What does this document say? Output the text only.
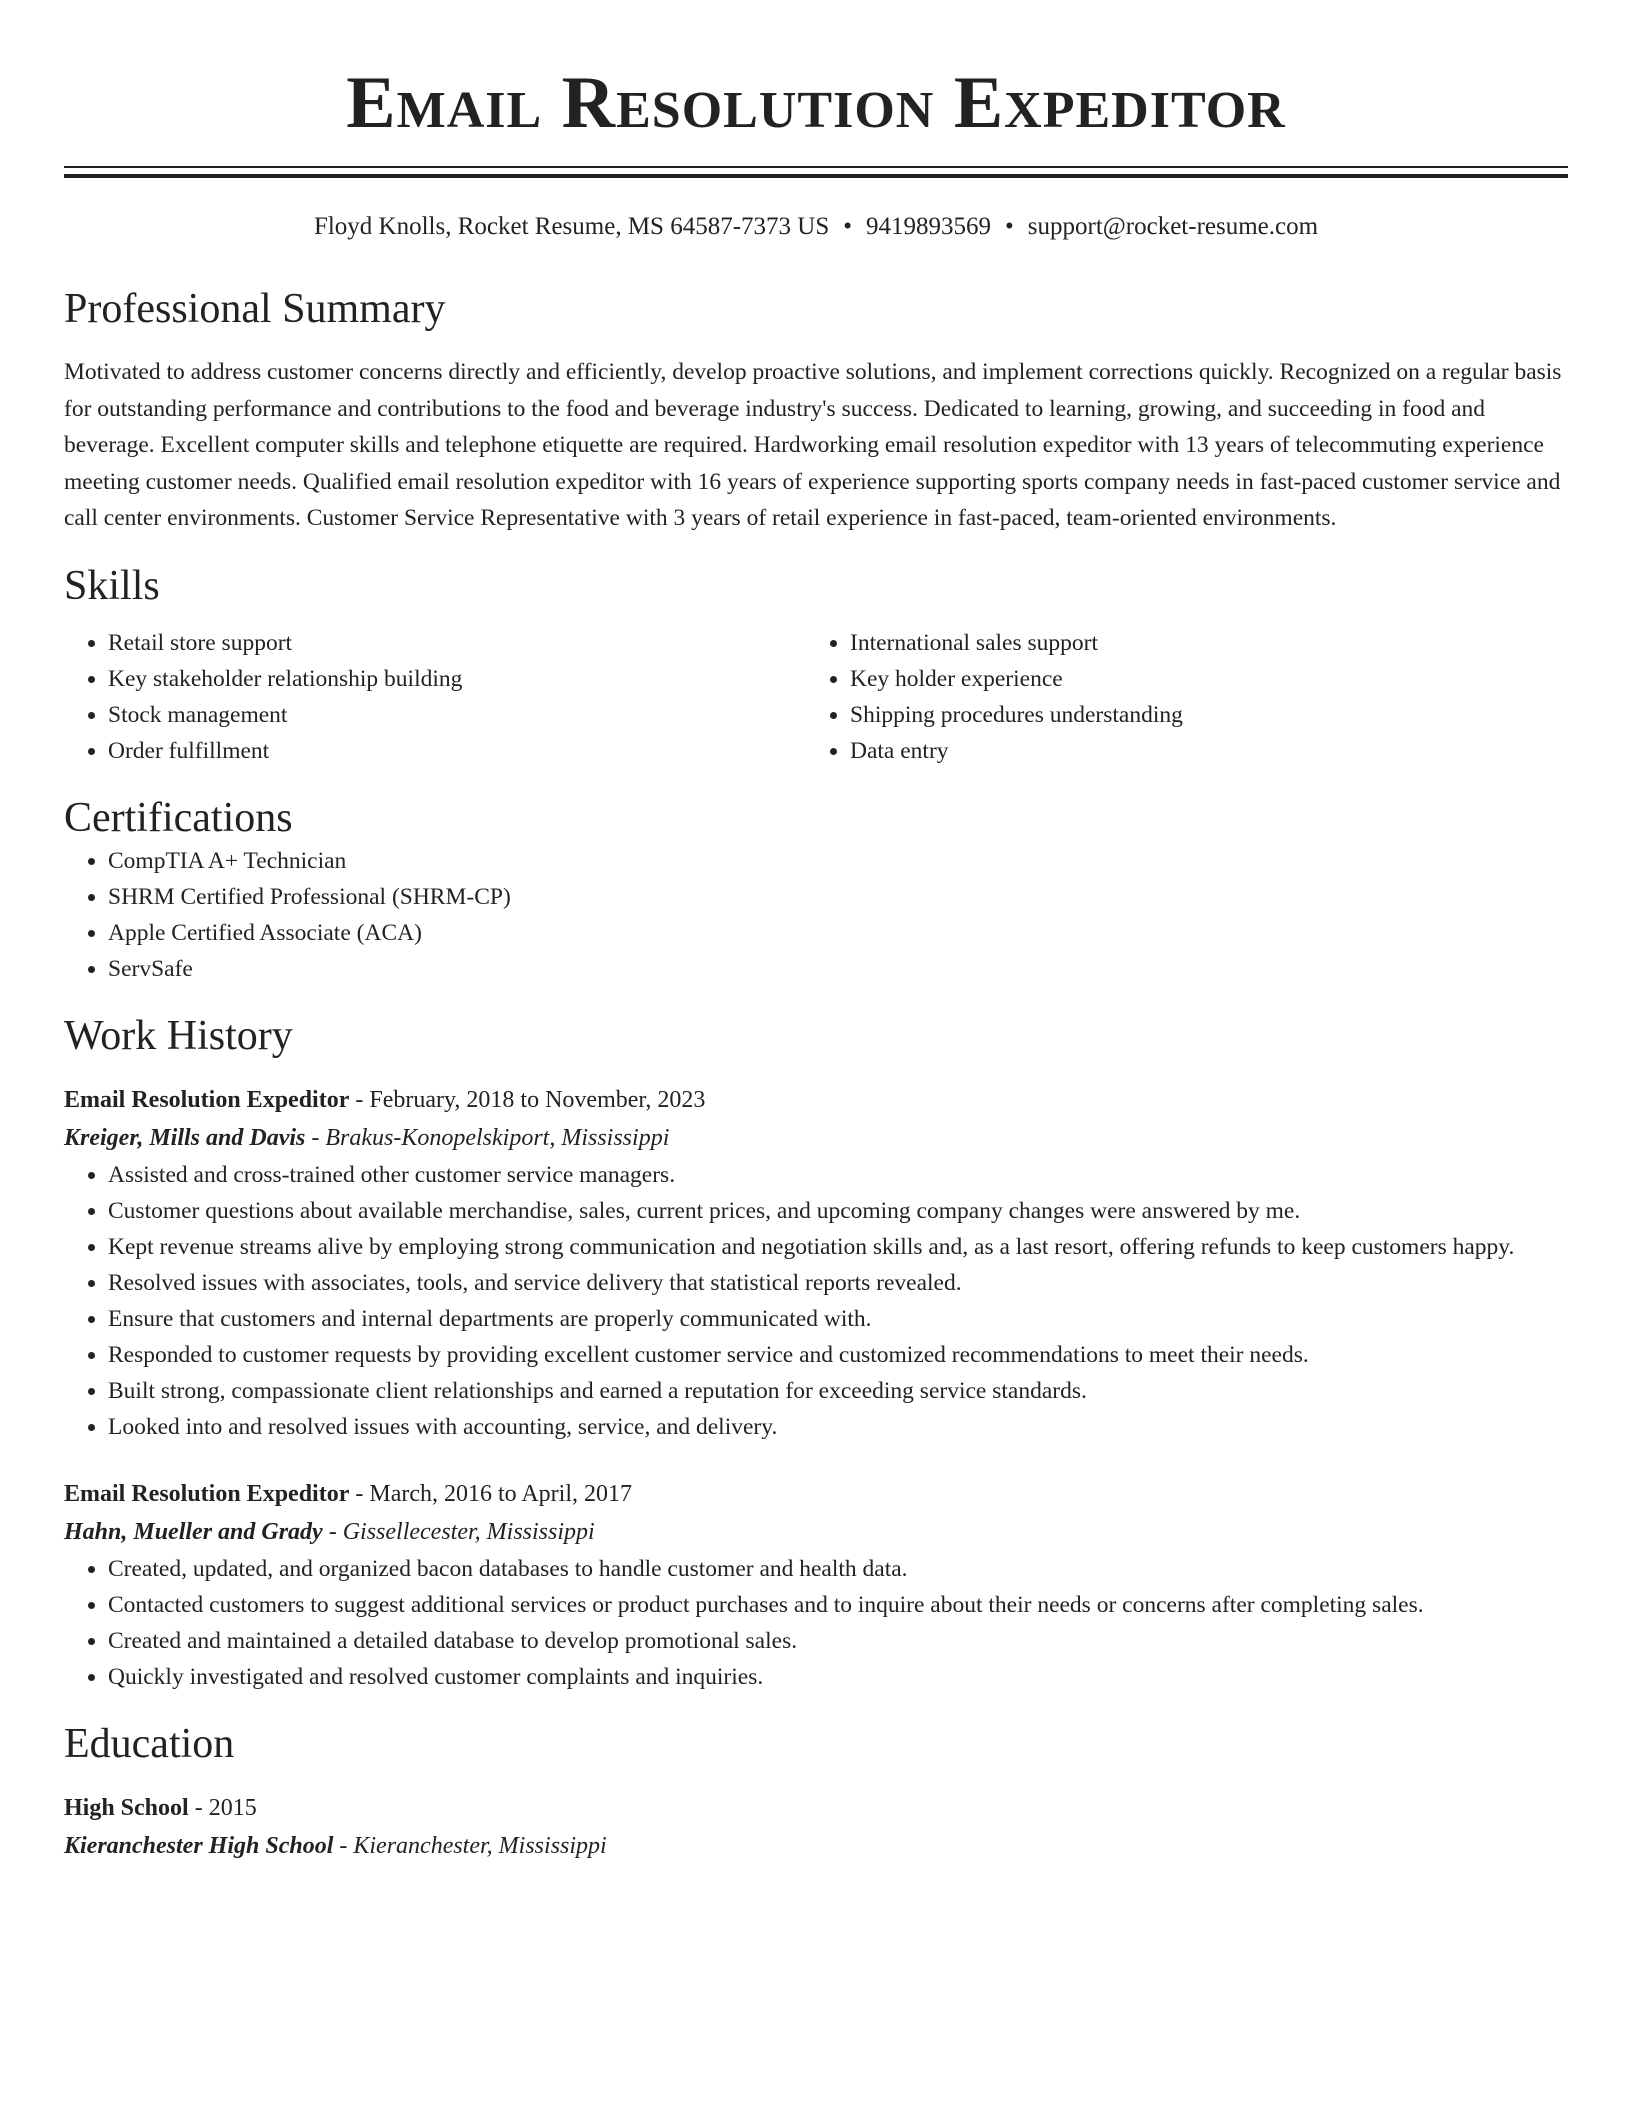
Email Resolution Expeditor
Floyd Knolls, Rocket Resume, MS 64587-7373 US • 9419893569 • support@rocket-resume.com
Professional Summary

Motivated to address customer concerns directly and efficiently, develop proactive solutions, and implement corrections quickly. Recognized on a regular basis for outstanding performance and contributions to the food and beverage industry's success. Dedicated to learning, growing, and succeeding in food and beverage. Excellent computer skills and telephone etiquette are required. Hardworking email resolution expeditor with 13 years of telecommuting experience meeting customer needs. Qualified email resolution expeditor with 16 years of experience supporting sports company needs in fast-paced customer service and call center environments. Customer Service Representative with 3 years of retail experience in fast-paced, team-oriented environments.

Skills
• Retail store support
• Key stakeholder relationship building
• Stock management
• Order fulfillment
• International sales support
• Key holder experience
• Shipping procedures understanding
• Data entry
Certifications
• CompTIA A+ Technician
• SHRM Certified Professional (SHRM-CP)
• Apple Certified Associate (ACA)
• ServSafe
Work History
Email Resolution Expeditor - February, 2018 to November, 2023
Kreiger, Mills and Davis - Brakus-Konopelskiport, Mississippi
• Assisted and cross-trained other customer service managers.
• Customer questions about available merchandise, sales, current prices, and upcoming company changes were answered by me.
• Kept revenue streams alive by employing strong communication and negotiation skills and, as a last resort, offering refunds to keep customers happy.
• Resolved issues with associates, tools, and service delivery that statistical reports revealed.
• Ensure that customers and internal departments are properly communicated with.
• Responded to customer requests by providing excellent customer service and customized recommendations to meet their needs.
• Built strong, compassionate client relationships and earned a reputation for exceeding service standards.
• Looked into and resolved issues with accounting, service, and delivery.
Email Resolution Expeditor - March, 2016 to April, 2017
Hahn, Mueller and Grady - Gissellecester, Mississippi
• Created, updated, and organized bacon databases to handle customer and health data.
• Contacted customers to suggest additional services or product purchases and to inquire about their needs or concerns after completing sales.
• Created and maintained a detailed database to develop promotional sales.
• Quickly investigated and resolved customer complaints and inquiries.
Education
High School - 2015
Kieranchester High School - Kieranchester, Mississippi
